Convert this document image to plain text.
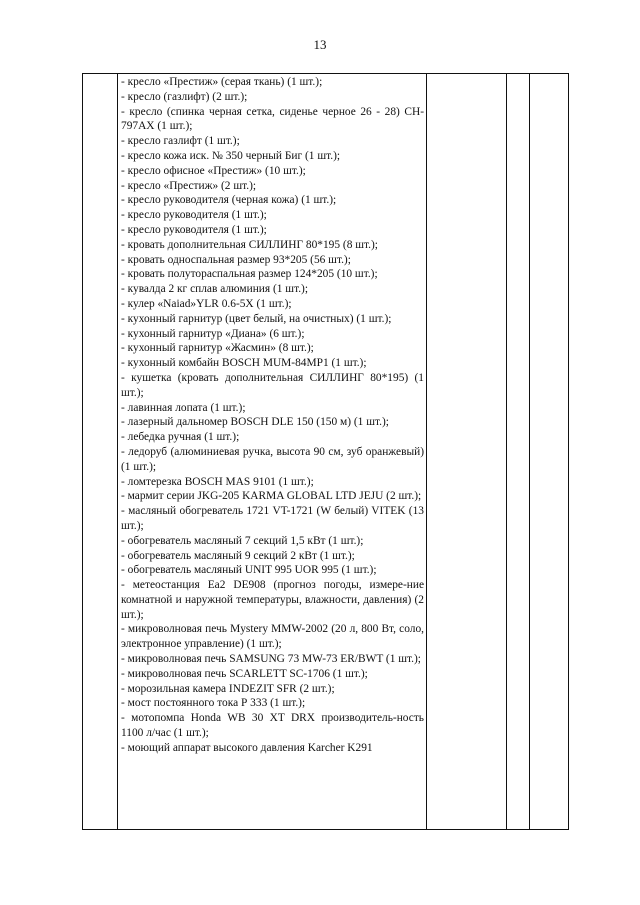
13
- кресло «Престиж» (серая ткань) (1 шт.);
- кресло (газлифт) (2 шт.);
- кресло (спинка черная сетка, сиденье черное 26 - 28) CH-797AX (1 шт.);
- кресло газлифт (1 шт.);
- кресло кожа иск. № 350 черный Биг (1 шт.);
- кресло офисное «Престиж» (10 шт.);
- кресло «Престиж» (2 шт.);
- кресло руководителя (черная кожа) (1 шт.);
- кресло руководителя (1 шт.);
- кресло руководителя (1 шт.);
- кровать дополнительная СИЛЛИНГ 80*195 (8 шт.);
- кровать односпальная размер 93*205 (56 шт.);
- кровать полутораспальная размер 124*205 (10 шт.);
- кувалда 2 кг сплав алюминия (1 шт.);
- кулер «Naiad»YLR 0.6-5X (1 шт.);
- кухонный гарнитур (цвет белый, на очистных) (1 шт.);
- кухонный гарнитур «Диана» (6 шт.);
- кухонный гарнитур «Жасмин» (8 шт.);
- кухонный комбайн BOSCH MUM-84MP1 (1 шт.);
- кушетка (кровать дополнительная СИЛЛИНГ 80*195) (1 шт.);
- лавинная лопата (1 шт.);
- лазерный дальномер BOSCH DLE 150 (150 м) (1 шт.);
- лебедка ручная (1 шт.);
- ледоруб (алюминиевая ручка, высота 90 см, зуб оранжевый) (1 шт.);
- ломтерезка BOSCH MAS 9101 (1 шт.);
- мармит серии JKG-205 KARMA GLOBAL LTD JEJU (2 шт.);
- масляный обогреватель 1721 VT-1721 (W белый) VITEK (13 шт.);
- обогреватель масляный 7 секций 1,5 кВт (1 шт.);
- обогреватель масляный 9 секций 2 кВт (1 шт.);
- обогреватель масляный UNIT 995 UOR 995 (1 шт.);
- метеостанция Ea2 DE908 (прогноз погоды, измере-ние комнатной и наружной температуры, влажности, давления) (2 шт.);
- микроволновая печь Mystery MMW-2002 (20 л, 800 Вт, соло, электронное управление) (1 шт.);
- микроволновая печь SAMSUNG 73 MW-73 ER/BWT (1 шт.);
- микроволновая печь SCARLETT SC-1706 (1 шт.);
- морозильная камера INDEZIT SFR (2 шт.);
- мост постоянного тока Р 333 (1 шт.);
- мотопомпа Honda WB 30 XT DRX производитель-ность 1100 л/час (1 шт.);
- моющий аппарат высокого давления Karcher K291
